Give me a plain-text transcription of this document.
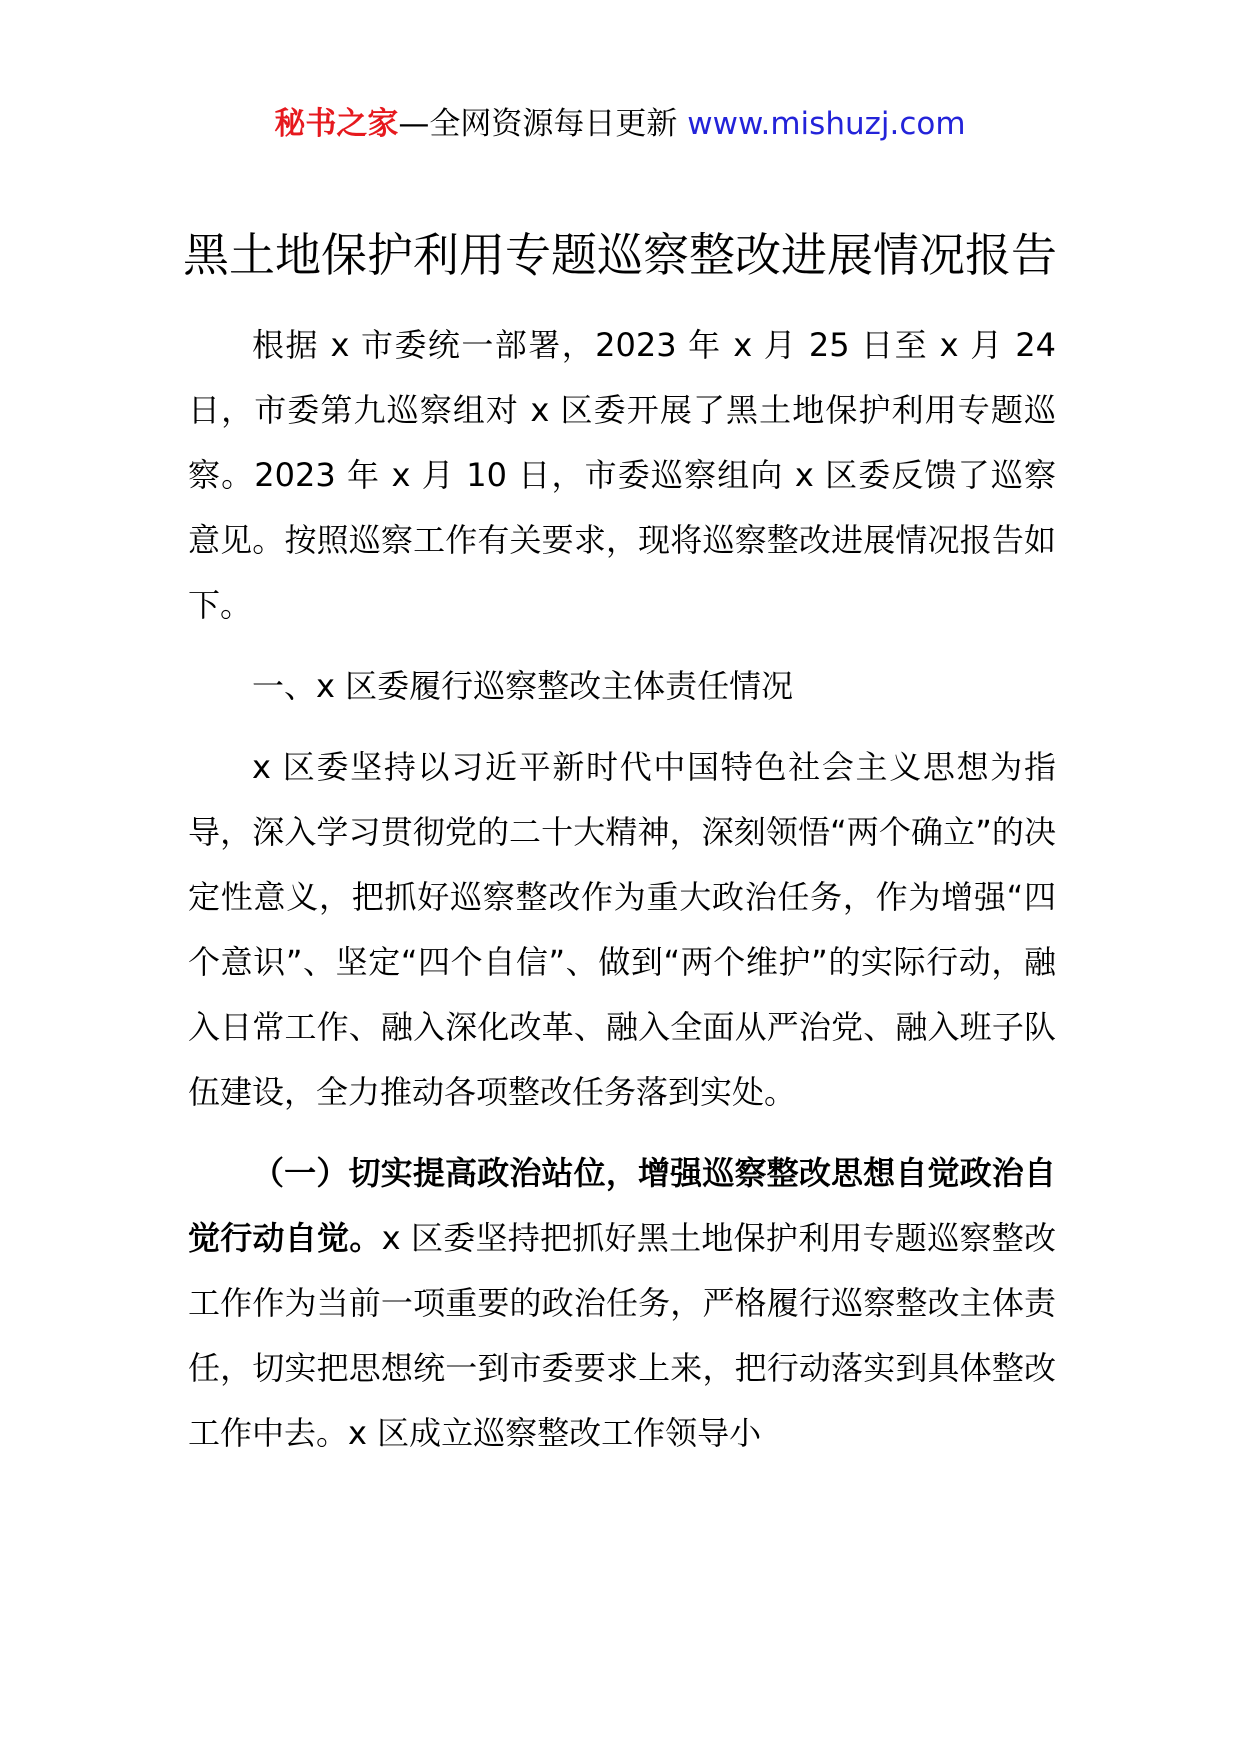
秘书之家—全网资源每日更新 www.mishuzj.com
黑土地保护利用专题巡察整改进展情况报告

根据 x 市委统一部署，2023 年 x 月 25 日至 x 月 24 日，市委第九巡察组对 x 区委开展了黑土地保护利用专题巡察。2023 年 x 月 10 日，市委巡察组向 x 区委反馈了巡察意见。按照巡察工作有关要求，现将巡察整改进展情况报告如下。

一、x 区委履行巡察整改主体责任情况

x 区委坚持以习近平新时代中国特色社会主义思想为指导，深入学习贯彻党的二十大精神，深刻领悟“两个确立”的决定性意义，把抓好巡察整改作为重大政治任务，作为增强“四个意识”、坚定“四个自信”、做到“两个维护”的实际行动，融入日常工作、融入深化改革、融入全面从严治党、融入班子队伍建设，全力推动各项整改任务落到实处。

（一）切实提高政治站位，增强巡察整改思想自觉政治自觉行动自觉。x 区委坚持把抓好黑土地保护利用专题巡察整改工作作为当前一项重要的政治任务，严格履行巡察整改主体责任，切实把思想统一到市委要求上来，把行动落实到具体整改工作中去。x 区成立巡察整改工作领导小
